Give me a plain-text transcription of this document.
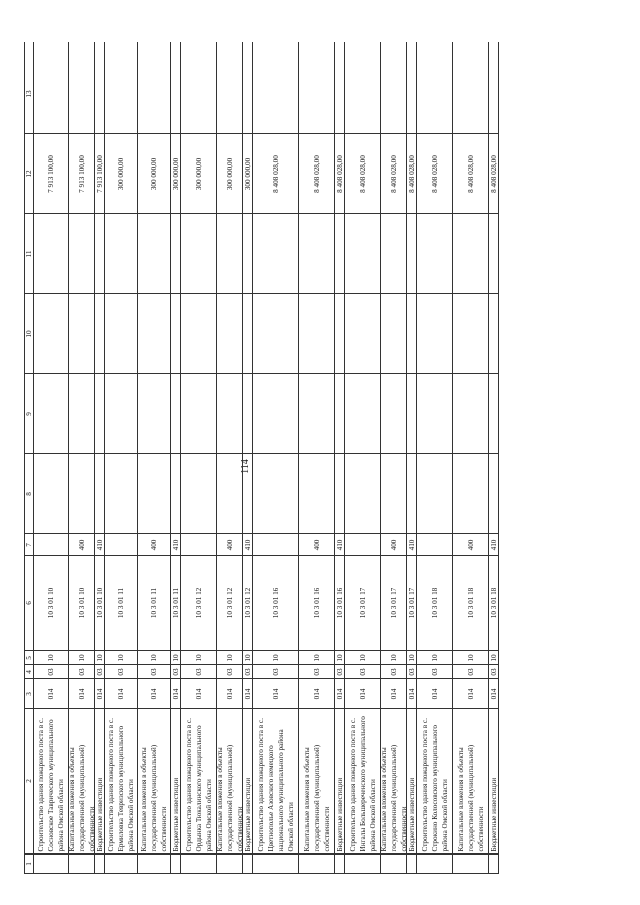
114
1
2
3
4
5
6
7
8
9
10
11
12
13
Строительство здания пожарного поста в с. Сосновское Таврического муниципального района Омской области
014
03
10
10 3 01 10
7 913 100,00
Капитальные вложения в объекты государственной (муниципальной) собственности
014
03
10
10 3 01 10
400
7 913 100,00
Бюджетные инвестиции
014
03
10
10 3 01 10
410
7 913 100,00
Строительство здания пожарного поста в с. Ермиловка Тевризского муниципального района Омской области
014
03
10
10 3 01 11
300 000,00
Капитальные вложения в объекты государственной (муниципальной) собственности
014
03
10
10 3 01 11
400
300 000,00
Бюджетные инвестиции
014
03
10
10 3 01 11
410
300 000,00
Строительство здания пожарного поста в с. Ордынка Тюкалинского муниципального района Омской области
014
03
10
10 3 01 12
300 000,00
Капитальные вложения в объекты государственной (муниципальной) собственности
014
03
10
10 3 01 12
400
300 000,00
Бюджетные инвестиции
014
03
10
10 3 01 12
410
300 000,00
Строительство здания пожарного поста в с. Цветнополье Азовского немецкого национального муниципального района Омской области
014
03
10
10 3 01 16
8 408 028,00
Капитальные вложения в объекты государственной (муниципальной) собственности
014
03
10
10 3 01 16
400
8 408 028,00
Бюджетные инвестиции
014
03
10
10 3 01 16
410
8 408 028,00
Строительство здания пожарного поста в с. Ингалы Большереченского муниципального района Омской области
014
03
10
10 3 01 17
8 408 028,00
Капитальные вложения в объекты государственной (муниципальной) собственности
014
03
10
10 3 01 17
400
8 408 028,00
Бюджетные инвестиции
014
03
10
10 3 01 17
410
8 408 028,00
Строительство здания пожарного поста в с. Строкино Колосовского муниципального района Омской области
014
03
10
10 3 01 18
8 408 028,00
Капитальные вложения в объекты государственной (муниципальной) собственности
014
03
10
10 3 01 18
400
8 408 028,00
Бюджетные инвестиции
014
03
10
10 3 01 18
410
8 408 028,00
